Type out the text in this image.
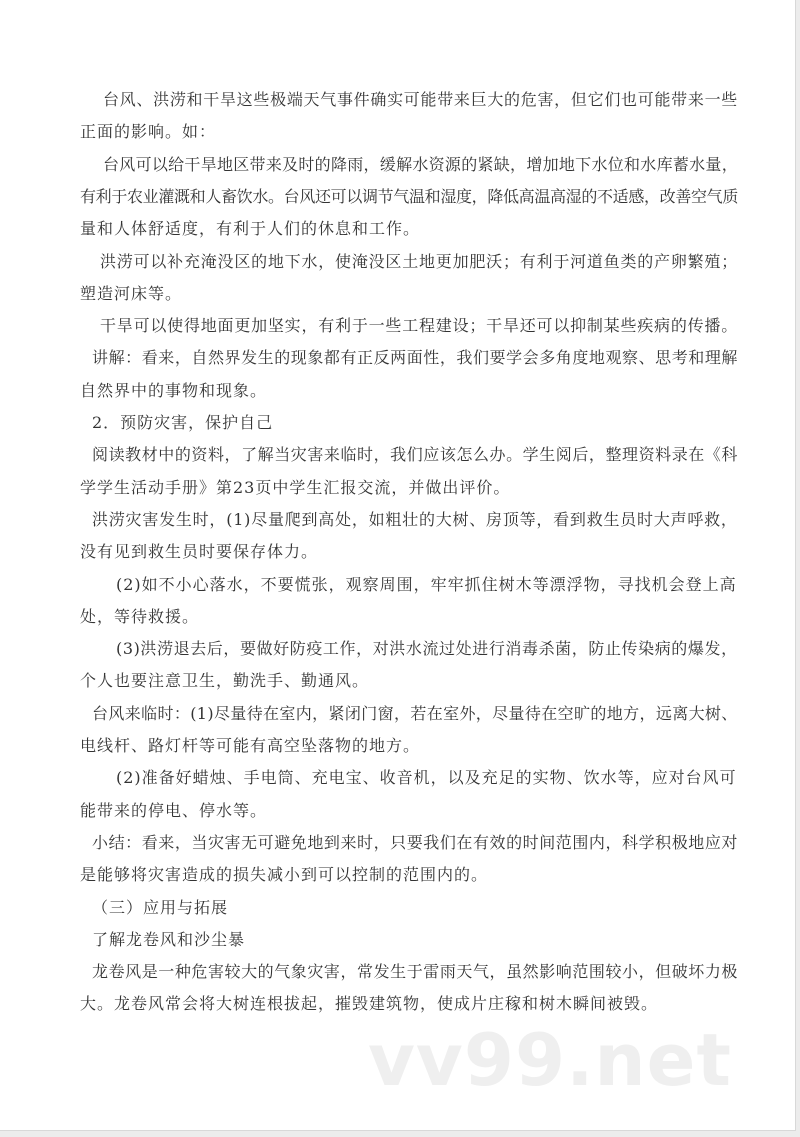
vv99.net
台风、洪涝和干旱这些极端天气事件确实可能带来巨大的危害，但它们也可能带来一些
正面的影响。如：
台风可以给干旱地区带来及时的降雨，缓解水资源的紧缺，增加地下水位和水库蓄水量，
有利于农业灌溉和人畜饮水。台风还可以调节气温和湿度，降低高温高湿的不适感，改善空气质
量和人体舒适度，有利于人们的休息和工作。
洪涝可以补充淹没区的地下水，使淹没区土地更加肥沃；有利于河道鱼类的产卵繁殖；
塑造河床等。
干旱可以使得地面更加坚实，有利于一些工程建设；干旱还可以抑制某些疾病的传播。
讲解：看来，自然界发生的现象都有正反两面性，我们要学会多角度地观察、思考和理解
自然界中的事物和现象。
2．预防灾害，保护自己
阅读教材中的资料，了解当灾害来临时，我们应该怎么办。学生阅后，整理资料录在《科
学学生活动手册》第23页中学生汇报交流，并做出评价。
洪涝灾害发生时，(1)尽量爬到高处，如粗壮的大树、房顶等，看到救生员时大声呼救，
没有见到救生员时要保存体力。
(2)如不小心落水，不要慌张，观察周围，牢牢抓住树木等漂浮物，寻找机会登上高
处，等待救援。
(3)洪涝退去后，要做好防疫工作，对洪水流过处进行消毒杀菌，防止传染病的爆发，
个人也要注意卫生，勤洗手、勤通风。
台风来临时：(1)尽量待在室内，紧闭门窗，若在室外，尽量待在空旷的地方，远离大树、
电线杆、路灯杆等可能有高空坠落物的地方。
(2)准备好蜡烛、手电筒、充电宝、收音机，以及充足的实物、饮水等，应对台风可
能带来的停电、停水等。
小结：看来，当灾害无可避免地到来时，只要我们在有效的时间范围内，科学积极地应对
是能够将灾害造成的损失减小到可以控制的范围内的。
（三）应用与拓展
了解龙卷风和沙尘暴
龙卷风是一种危害较大的气象灾害，常发生于雷雨天气，虽然影响范围较小，但破坏力极
大。龙卷风常会将大树连根拔起，摧毁建筑物，使成片庄稼和树木瞬间被毁。
